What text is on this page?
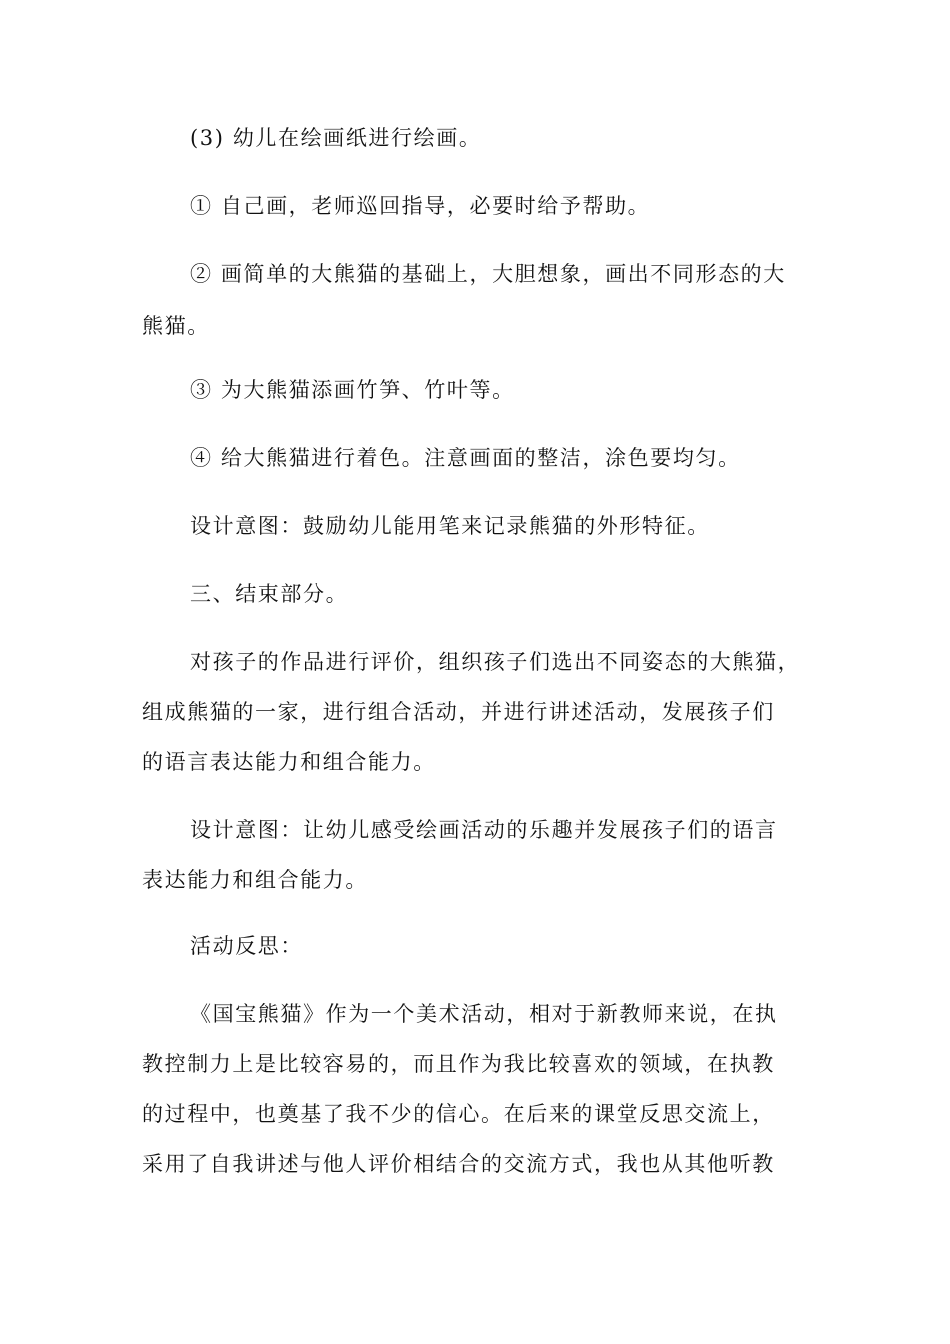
(3) 幼儿在绘画纸进行绘画。
① 自己画，老师巡回指导，必要时给予帮助。
② 画简单的大熊猫的基础上，大胆想象，画出不同形态的大
熊猫。
③ 为大熊猫添画竹笋、竹叶等。
④ 给大熊猫进行着色。注意画面的整洁，涂色要均匀。
设计意图：鼓励幼儿能用笔来记录熊猫的外形特征。
三、结束部分。
对孩子的作品进行评价，组织孩子们选出不同姿态的大熊猫，
组成熊猫的一家，进行组合活动，并进行讲述活动，发展孩子们
的语言表达能力和组合能力。
设计意图：让幼儿感受绘画活动的乐趣并发展孩子们的语言
表达能力和组合能力。
活动反思：
《国宝熊猫》作为一个美术活动，相对于新教师来说，在执
教控制力上是比较容易的，而且作为我比较喜欢的领域，在执教
的过程中，也奠基了我不少的信心。在后来的课堂反思交流上，
采用了自我讲述与他人评价相结合的交流方式，我也从其他听教
